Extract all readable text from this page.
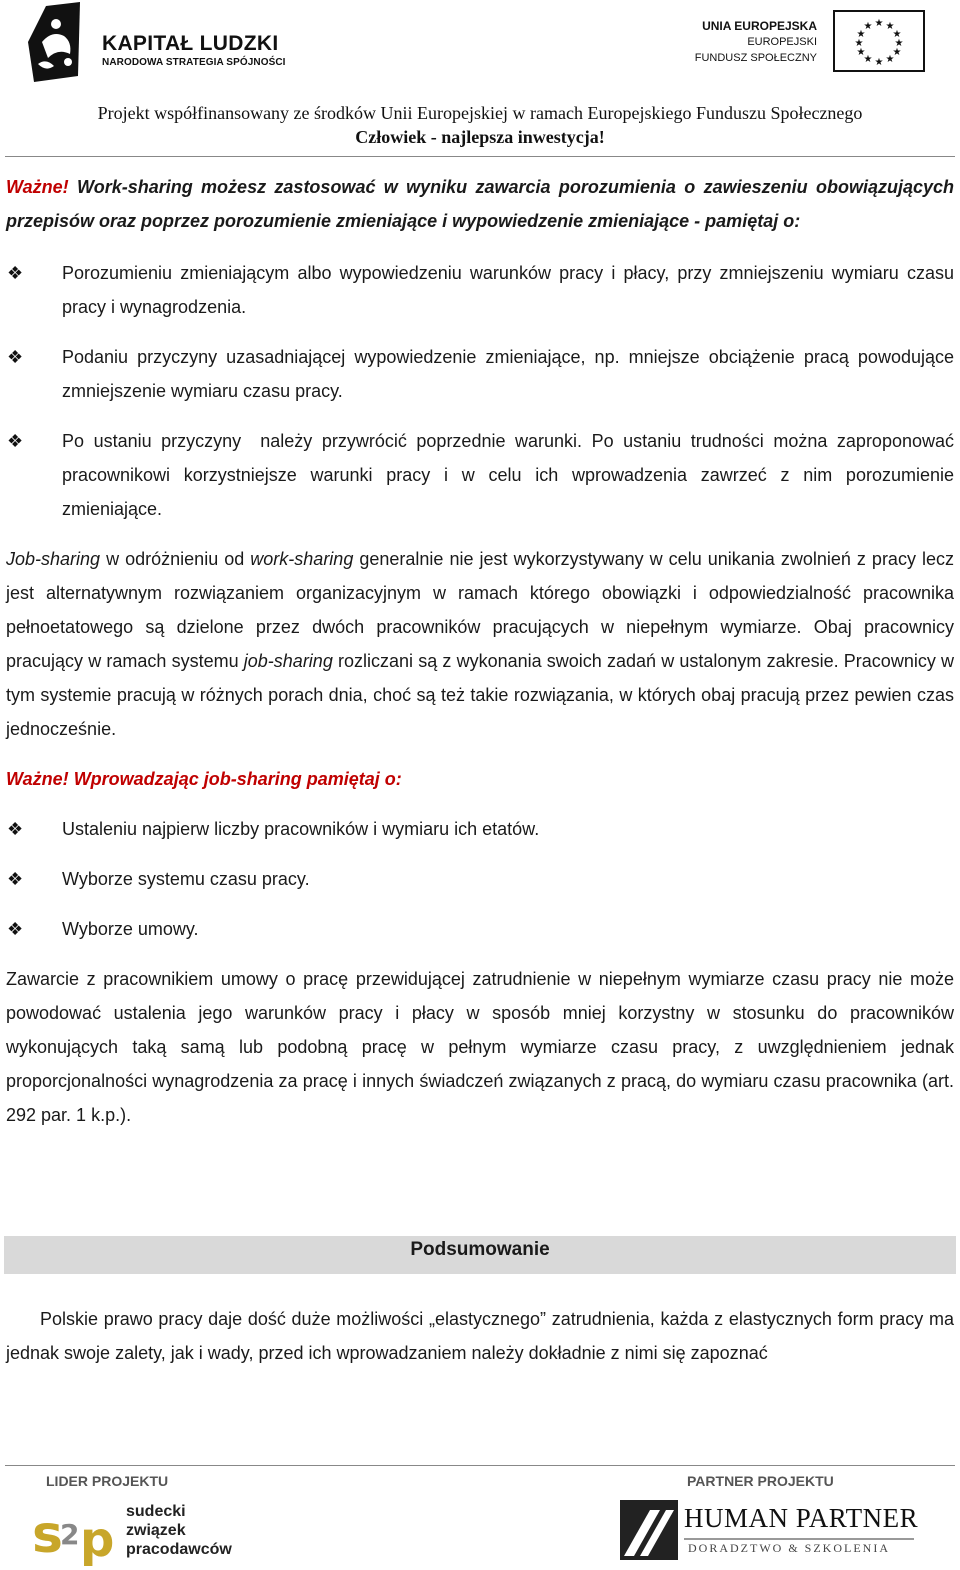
KAPITAŁ LUDZKI
NARODOWA STRATEGIA SPÓJNOŚCI
UNIA EUROPEJSKA
EUROPEJSKI
FUNDUSZ SPOŁECZNY
★ ★
★
★
★
★
★
★
★
★
★
★
Projekt współfinansowany ze środków Unii Europejskiej w ramach Europejskiego Funduszu Społecznego
Człowiek - najlepsza inwestycja!

Ważne! Work-sharing możesz zastosować w wyniku zawarcia porozumienia o zawieszeniu obowiązujących przepisów oraz poprzez porozumienie zmieniające i wypowiedzenie zmieniające - pamiętaj o:

❖ Porozumieniu zmieniającym albo wypowiedzeniu warunków pracy i płacy, przy zmniejszeniu wymiaru czasu pracy i wynagrodzenia.
❖ Podaniu przyczyny uzasadniającej wypowiedzenie zmieniające, np. mniejsze obciążenie pracą powodujące zmniejszenie wymiaru czasu pracy.
❖ Po ustaniu przyczyny  należy przywrócić poprzednie warunki. Po ustaniu trudności można zaproponować pracownikowi korzystniejsze warunki pracy i w celu ich wprowadzenia zawrzeć z nim porozumienie zmieniające.

Job-sharing w odróżnieniu od work-sharing generalnie nie jest wykorzystywany w celu unikania zwolnień z pracy lecz jest alternatywnym rozwiązaniem organizacyjnym w ramach którego obowiązki i odpowiedzialność pracownika pełnoetatowego są dzielone przez dwóch pracowników pracujących w niepełnym wymiarze. Obaj pracownicy pracujący w ramach systemu job-sharing rozliczani są z wykonania swoich zadań w ustalonym zakresie. Pracownicy w tym systemie pracują w różnych porach dnia, choć są też takie rozwiązania, w których obaj pracują przez pewien czas jednocześnie.

Ważne! Wprowadzając job-sharing pamiętaj o:

❖ Ustaleniu najpierw liczby pracowników i wymiaru ich etatów.
❖ Wyborze systemu czasu pracy.
❖ Wyborze umowy.

Zawarcie z pracownikiem umowy o pracę przewidującej zatrudnienie w niepełnym wymiarze czasu pracy nie może powodować ustalenia jego warunków pracy i płacy w sposób mniej korzystny w stosunku do pracowników wykonujących taką samą lub podobną pracę w pełnym wymiarze czasu pracy, z uwzględnieniem jednak proporcjonalności wynagrodzenia za pracę i innych świadczeń związanych z pracą, do wymiaru czasu pracownika (art. 292 par. 1 k.p.).

Podsumowanie

Polskie prawo pracy daje dość duże możliwości „elastycznego” zatrudnienia, każda z elastycznych form pracy ma jednak swoje zalety, jak i wady, przed ich wprowadzaniem należy dokładnie z nimi się zapoznać

LIDER PROJEKTU	PARTNER PROJEKTU
s
2 p
sudecki
związek
pracodawców
HUMAN PARTNER
DORADZTWO & SZKOLENIA
